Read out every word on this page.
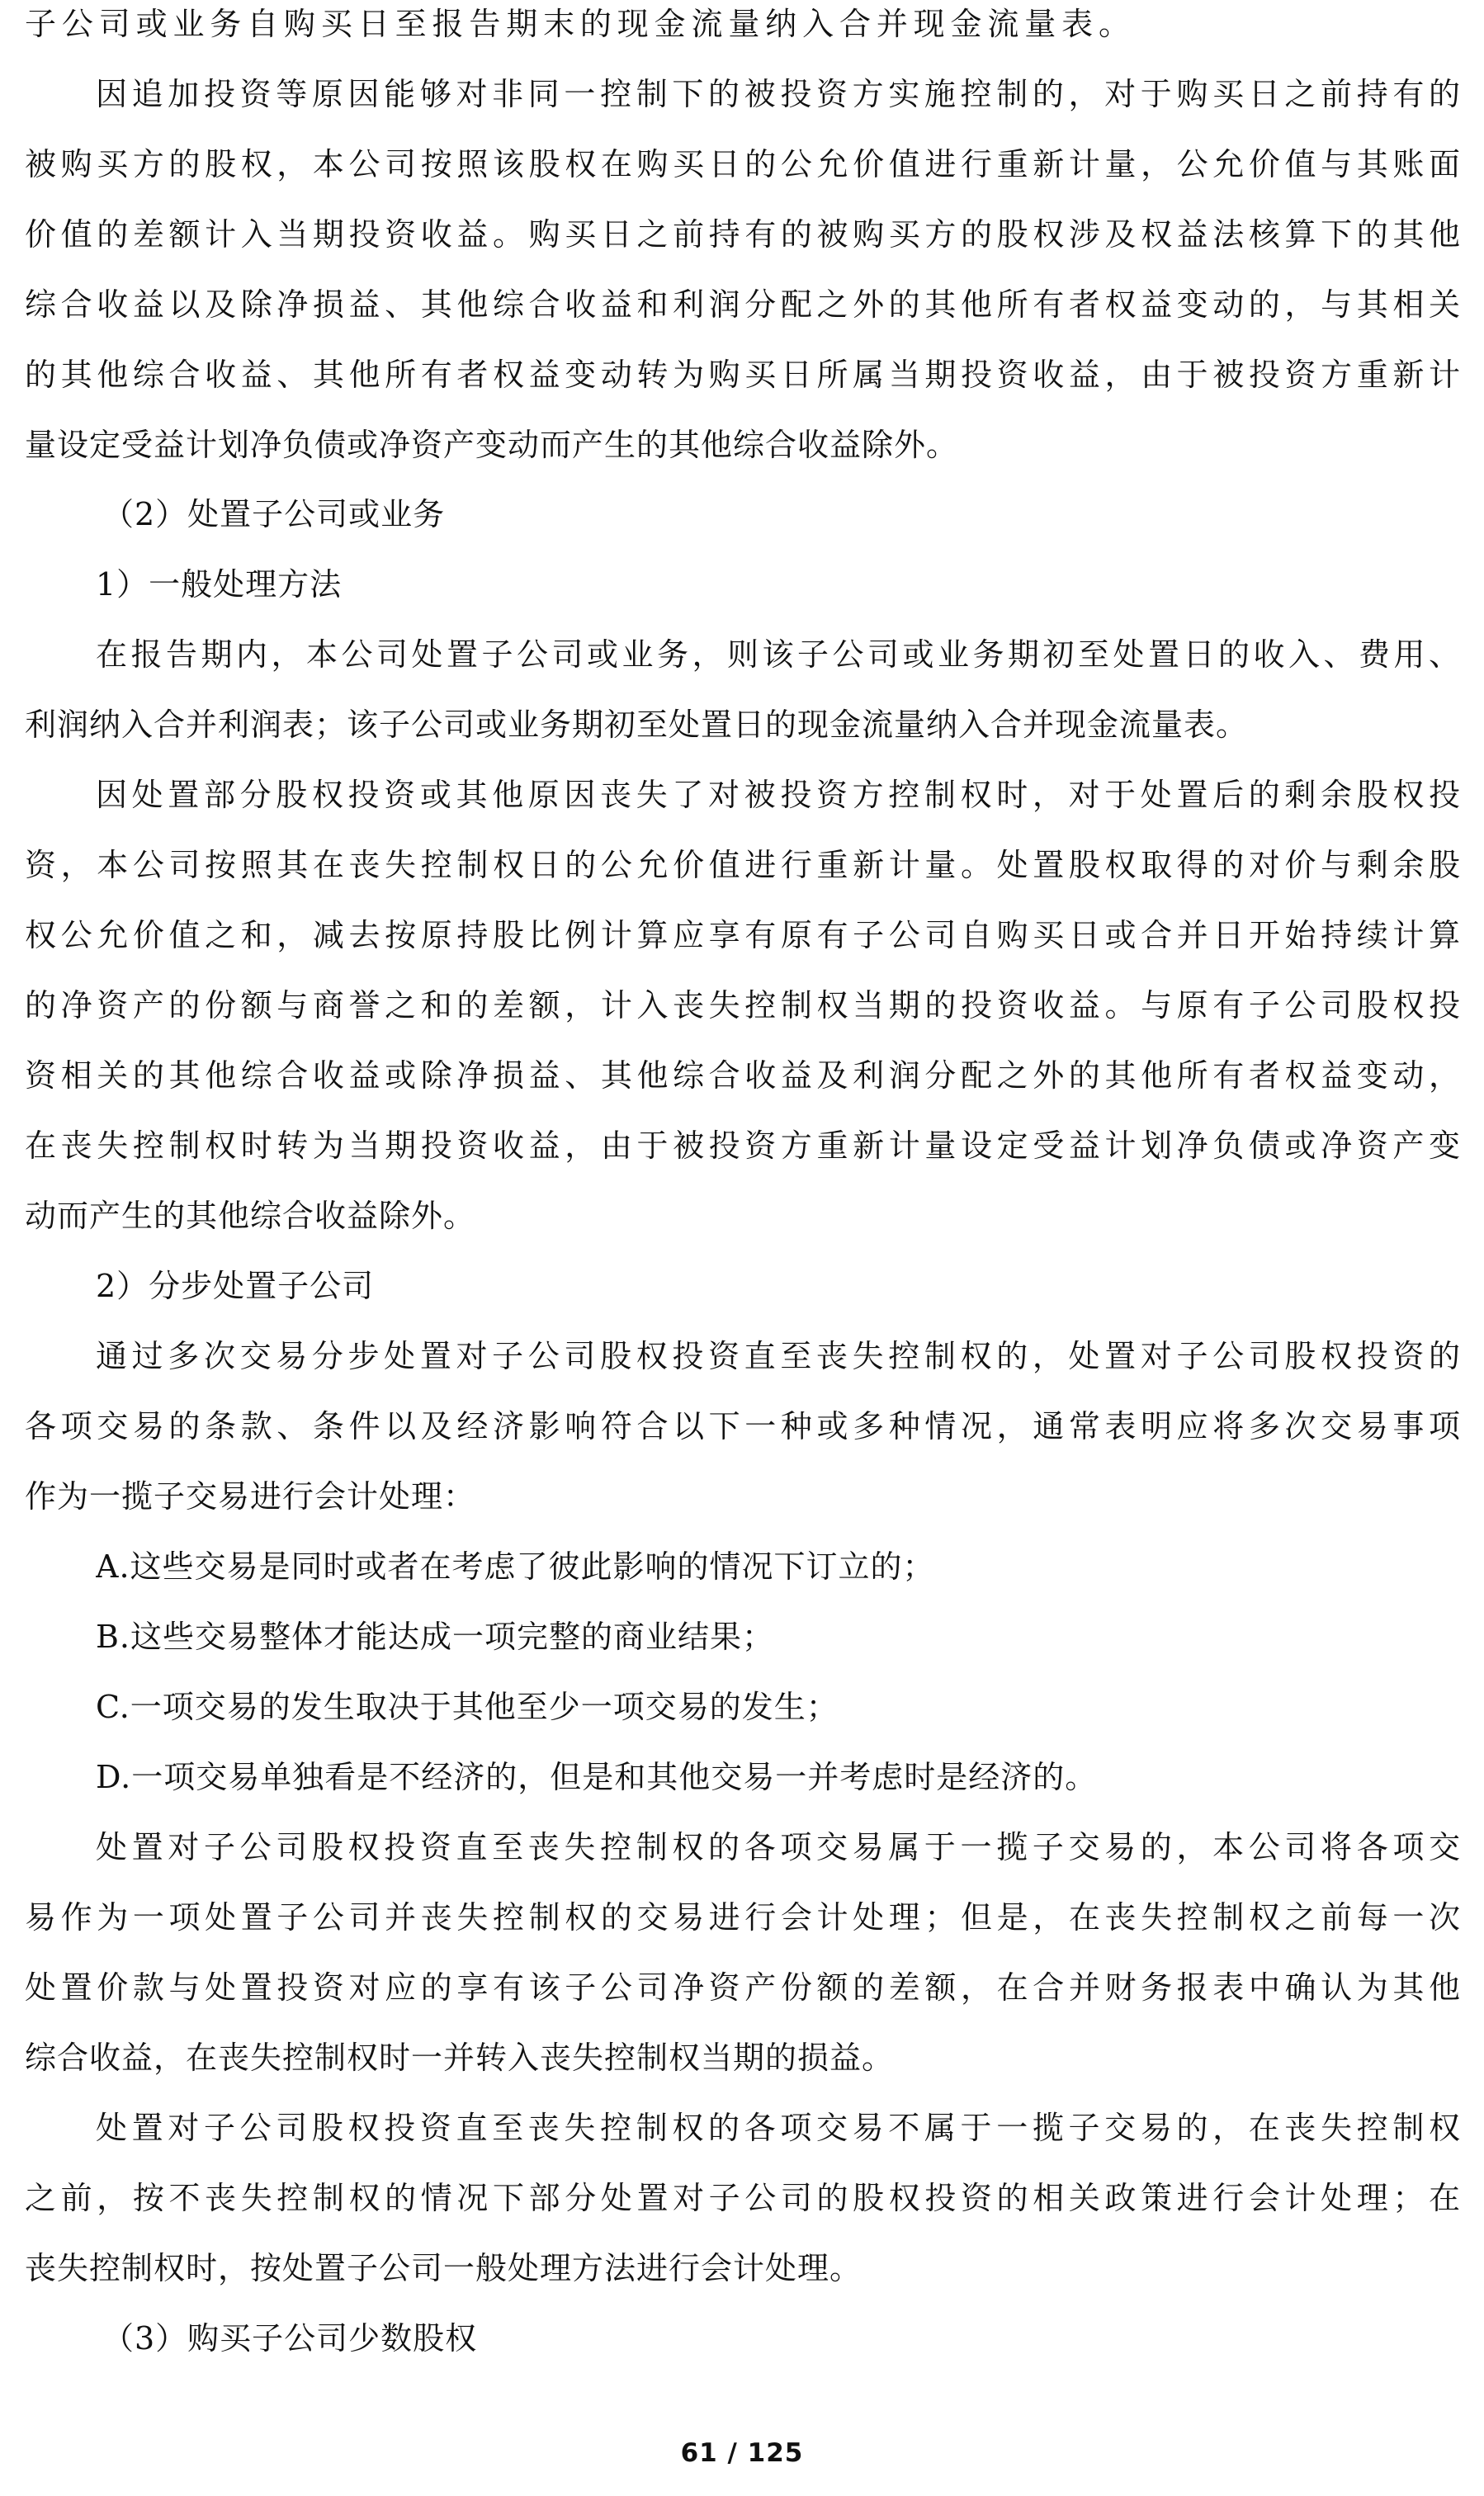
子公司或业务自购买日至报告期末的现金流量纳入合并现金流量表。
因追加投资等原因能够对非同一控制下的被投资方实施控制的，对于购买日之前持有的
被购买方的股权，本公司按照该股权在购买日的公允价值进行重新计量，公允价值与其账面
价值的差额计入当期投资收益。购买日之前持有的被购买方的股权涉及权益法核算下的其他
综合收益以及除净损益、其他综合收益和利润分配之外的其他所有者权益变动的，与其相关
的其他综合收益、其他所有者权益变动转为购买日所属当期投资收益，由于被投资方重新计
量设定受益计划净负债或净资产变动而产生的其他综合收益除外。
（2）处置子公司或业务
1）一般处理方法
在报告期内，本公司处置子公司或业务，则该子公司或业务期初至处置日的收入、费用、
利润纳入合并利润表；该子公司或业务期初至处置日的现金流量纳入合并现金流量表。
因处置部分股权投资或其他原因丧失了对被投资方控制权时，对于处置后的剩余股权投
资，本公司按照其在丧失控制权日的公允价值进行重新计量。处置股权取得的对价与剩余股
权公允价值之和，减去按原持股比例计算应享有原有子公司自购买日或合并日开始持续计算
的净资产的份额与商誉之和的差额，计入丧失控制权当期的投资收益。与原有子公司股权投
资相关的其他综合收益或除净损益、其他综合收益及利润分配之外的其他所有者权益变动，
在丧失控制权时转为当期投资收益，由于被投资方重新计量设定受益计划净负债或净资产变
动而产生的其他综合收益除外。
2）分步处置子公司
通过多次交易分步处置对子公司股权投资直至丧失控制权的，处置对子公司股权投资的
各项交易的条款、条件以及经济影响符合以下一种或多种情况，通常表明应将多次交易事项
作为一揽子交易进行会计处理：
A.这些交易是同时或者在考虑了彼此影响的情况下订立的；
B.这些交易整体才能达成一项完整的商业结果；
C.一项交易的发生取决于其他至少一项交易的发生；
D.一项交易单独看是不经济的，但是和其他交易一并考虑时是经济的。
处置对子公司股权投资直至丧失控制权的各项交易属于一揽子交易的，本公司将各项交
易作为一项处置子公司并丧失控制权的交易进行会计处理；但是，在丧失控制权之前每一次
处置价款与处置投资对应的享有该子公司净资产份额的差额，在合并财务报表中确认为其他
综合收益，在丧失控制权时一并转入丧失控制权当期的损益。
处置对子公司股权投资直至丧失控制权的各项交易不属于一揽子交易的，在丧失控制权
之前，按不丧失控制权的情况下部分处置对子公司的股权投资的相关政策进行会计处理；在
丧失控制权时，按处置子公司一般处理方法进行会计处理。
（3）购买子公司少数股权
61 / 125
